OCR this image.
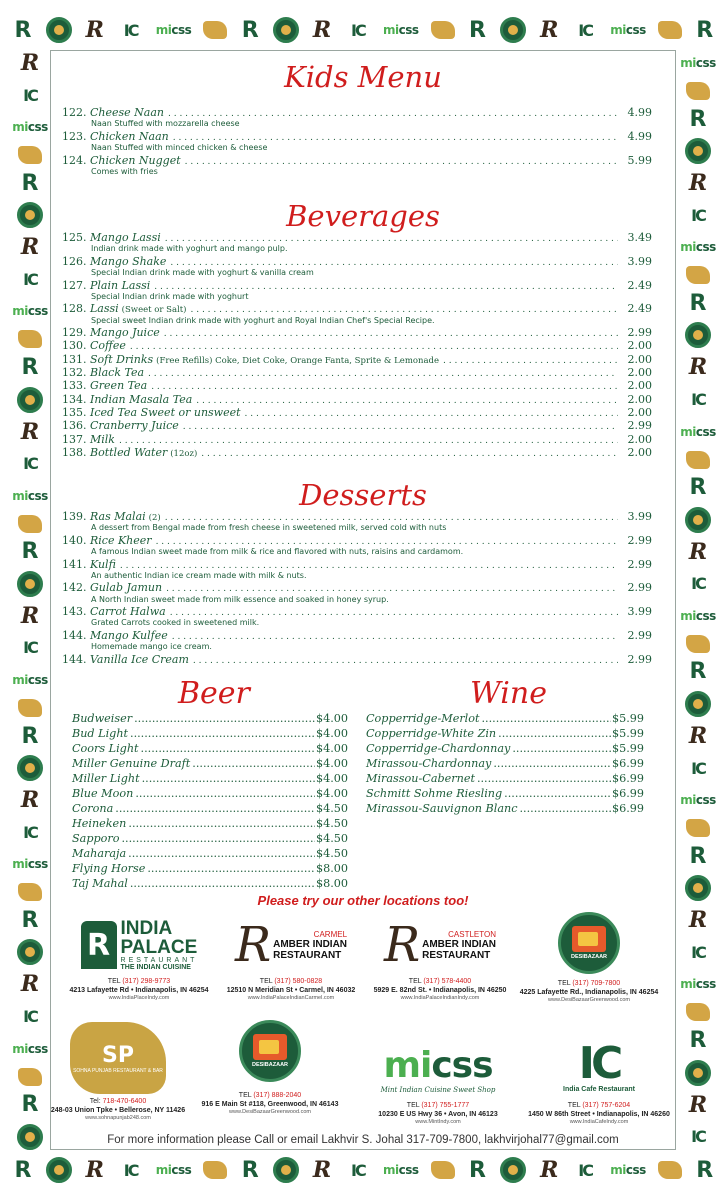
R R	IC	mi css R R	IC	mi css R R	IC	mi css R
R R	IC	mi css R R	IC	mi css R R	IC	mi css R
R
IC
mi css
R
R
IC
mi css
R
R
IC
mi css
R
R
IC
mi css
R
R
IC
mi css
R
R
IC
mi css
R
mi css
R
R
IC
mi css
R
R
IC
mi css
R
R
IC
mi css
R
R
IC
mi css
R
R
IC
mi css
R
R
IC
Kids Menu
122. Cheese Naan . . .	4.99
Naan Stuffed with mozzarella cheese
123. Chicken Naan . . .	4.99
Naan Stuffed with minced chicken & cheese
124. Chicken Nugget . . .	5.99
Comes with fries
Beverages
125. Mango Lassi . . .	3.49
Indian drink made with yoghurt and mango pulp.
126. Mango Shake . . .	3.99
Special Indian drink made with yoghurt & vanilla cream
127. Plain Lassi . . .	2.49
Special Indian drink made with yoghurt
128. Lassi (Sweet or Salt) . . .	2.49
Special sweet Indian drink made with yoghurt and Royal Indian Chef's Special Recipe.
129. Mango Juice . . .	2.99
130. Coffee . . .	2.00
131. Soft Drinks (Free Refills) Coke, Diet Coke, Orange Fanta, Sprite & Lemonade . . .	2.00
132. Black Tea . . .	2.00
133. Green Tea . . .	2.00
134. Indian Masala Tea . . .	2.00
135. Iced Tea Sweet or unsweet . . .	2.00
136. Cranberry Juice . . .	2.99
137. Milk . . .	2.00
138. Bottled Water (12oz) . . .	2.00
Desserts
139. Ras Malai (2) . . .	3.99
A dessert from Bengal made from fresh cheese in sweetened milk, served cold with nuts
140. Rice Kheer . . .	2.99
A famous Indian sweet made from milk & rice and flavored with nuts, raisins and cardamom.
141. Kulfi . . .	2.99
An authentic Indian ice cream made with milk & nuts.
142. Gulab Jamun . . .	2.99
A North Indian sweet made from milk essence and soaked in honey syrup.
143. Carrot Halwa . . .	3.99
Grated Carrots cooked in sweetened milk.
144. Mango Kulfee . . .	2.99
Homemade mango ice cream.
144. Vanilla Ice Cream . . .	2.99
Beer
Budweiser .....	$4.00
Bud Light .....	$4.00
Coors Light .....	$4.00
Miller Genuine Draft .....	$4.00
Miller Light .....	$4.00
Blue Moon .....	$4.00
Corona .....	$4.50
Heineken .....	$4.50
Sapporo .....	$4.50
Maharaja .....	$4.50
Flying Horse .....	$8.00
Taj Mahal .....	$8.00
Wine
Copperridge-Merlot .....	$5.99
Copperridge-White Zin .....	$5.99
Copperridge-Chardonnay .....	$5.99
Mirassou-Chardonnay .....	$6.99
Mirassou-Cabernet .....	$6.99
Schmitt Sohme Riesling .....	$6.99
Mirassou-Sauvignon Blanc .....	$6.99
Please try our other locations too!
R INDIA
PALACE
RESTAURANT
THE INDIAN CUISINE
TEL (317) 298-9773
4213 Lafayette Rd • Indianapolis, IN 46254
www.IndiaPlaceIndy.com
R	CARMEL
AMBER INDIAN
RESTAURANT
TEL (317) 580-0828
12510 N Meridian St • Carmel, IN 46032
www.IndiaPalaceIndianCarmel.com
R	CASTLETON
AMBER INDIAN
RESTAURANT
TEL (317) 578-4400
5929 E. 82nd St. • Indianapolis, IN 46250
www.IndiaPalaceIndianIndy.com
DESIBAZAAR
TEL (317) 709-7800
4225 Lafayette Rd., Indianapolis, IN 46254
www.DesiBazaarGreenwood.com
SP
SOHNA PUNJAB RESTAURANT & BAR
Tel: 718-470-6400
248-03 Union Tpke • Bellerose, NY 11426
www.sohnapunjab248.com
DESIBAZAAR
TEL (317) 888-2040
916 E Main St #118, Greenwood, IN 46143
www.DesiBazaarGreenwood.com
micss
Mint Indian Cuisine Sweet Shop
TEL (317) 755-1777
10230 E US Hwy 36 • Avon, IN 46123
www.MintIndy.com
IC
India Cafe Restaurant
TEL (317) 757-6204
1450 W 86th Street • Indianapolis, IN 46260
www.IndiaCafeIndy.com
For more information please Call or email Lakhvir S. Johal 317-709-7800, lakhvirjohal77@gmail.com
